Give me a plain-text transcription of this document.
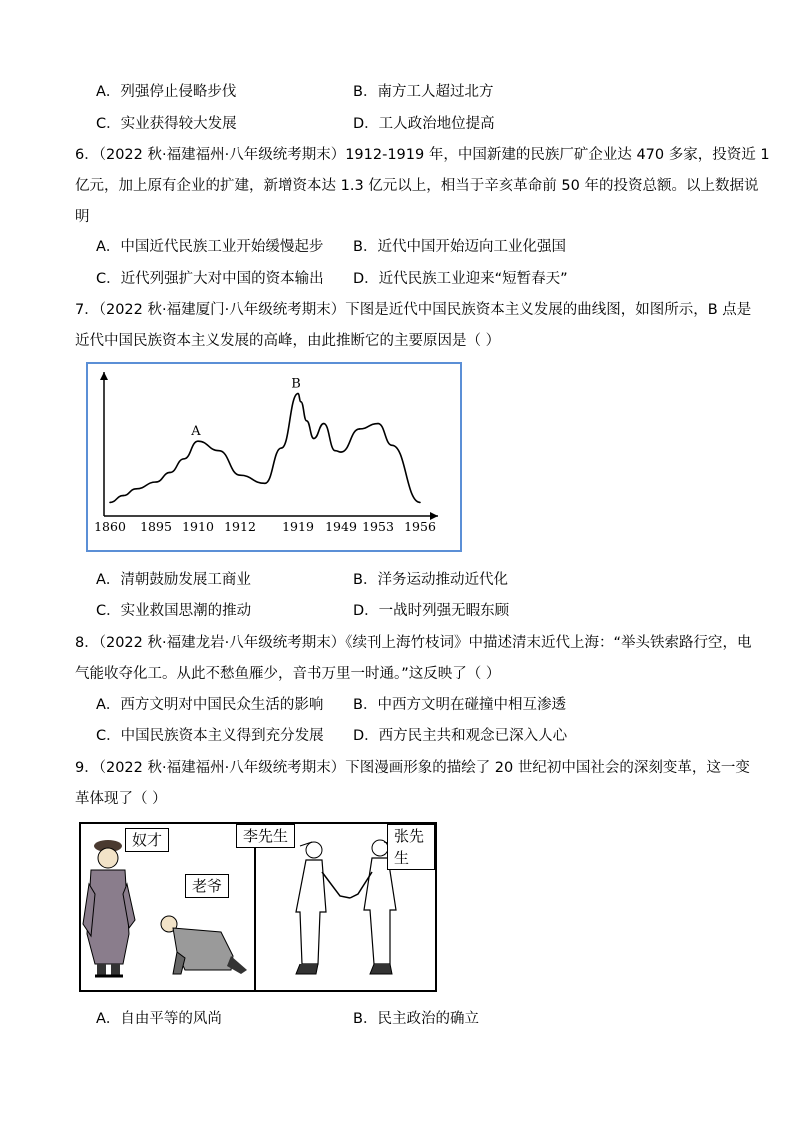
A．列强停止侵略步伐	B．南方工人超过北方
C．实业获得较大发展	D．工人政治地位提高
6．（2022 秋·福建福州·八年级统考期末）1912-1919 年，中国新建的民族厂矿企业达 470 多家，投资近 1
亿元，加上原有企业的扩建，新增资本达 1.3 亿元以上，相当于辛亥革命前 50 年的投资总额。以上数据说
明
A．中国近代民族工业开始缓慢起步 B．近代中国开始迈向工业化强国
C．近代列强扩大对中国的资本输出 D．近代民族工业迎来“短暂春天”
7．（2022 秋·福建厦门·八年级统考期末）下图是近代中国民族资本主义发展的曲线图，如图所示，B 点是
近代中国民族资本主义发展的高峰，由此推断它的主要原因是（ ）
1860 1895 1910 1912 1919 1949 1953 1956
A
B
A．清朝鼓励发展工商业	B．洋务运动推动近代化
C．实业救国思潮的推动	D．一战时列强无暇东顾
8．（2022 秋·福建龙岩·八年级统考期末）《续刊上海竹枝词》中描述清末近代上海：“举头铁索路行空，电
气能收夺化工。从此不愁鱼雁少，音书万里一时通。”这反映了（ ）
A．西方文明对中国民众生活的影响 B．中西方文明在碰撞中相互渗透
C．中国民族资本主义得到充分发展 D．西方民主共和观念已深入人心
9．（2022 秋·福建福州·八年级统考期末）下图漫画形象的描绘了 20 世纪初中国社会的深刻变革，这一变
革体现了（ ）
奴才
老爷
李先生	张先生
A．自由平等的风尚	B．民主政治的确立
